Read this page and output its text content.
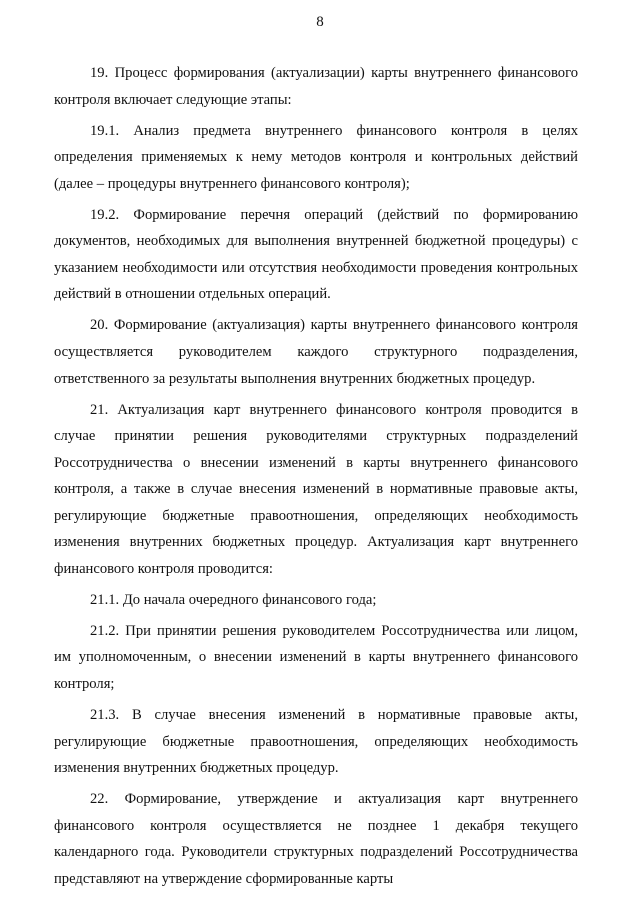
8

19. Процесс формирования (актуализации) карты внутреннего финансового контроля включает следующие этапы:

19.1. Анализ предмета внутреннего финансового контроля в целях определения применяемых к нему методов контроля и контрольных действий (далее – процедуры внутреннего финансового контроля);

19.2. Формирование перечня операций (действий по формированию документов, необходимых для выполнения внутренней бюджетной процедуры) с указанием необходимости или отсутствия необходимости проведения контрольных действий в отношении отдельных операций.

20. Формирование (актуализация) карты внутреннего финансового контроля осуществляется руководителем каждого структурного подразделения, ответственного за результаты выполнения внутренних бюджетных процедур.

21. Актуализация карт внутреннего финансового контроля проводится в случае принятии решения руководителями структурных подразделений Россотрудничества о внесении изменений в карты внутреннего финансового контроля, а также в случае внесения изменений в нормативные правовые акты, регулирующие бюджетные правоотношения, определяющих необходимость изменения внутренних бюджетных процедур. Актуализация карт внутреннего финансового контроля проводится:

21.1. До начала очередного финансового года;

21.2. При принятии решения руководителем Россотрудничества или лицом, им уполномоченным, о внесении изменений в карты внутреннего финансового контроля;

21.3. В случае внесения изменений в нормативные правовые акты, регулирующие бюджетные правоотношения, определяющих необходимость изменения внутренних бюджетных процедур.

22. Формирование, утверждение и актуализация карт внутреннего финансового контроля осуществляется не позднее 1 декабря текущего календарного года. Руководители структурных подразделений Россотрудничества представляют на утверждение сформированные карты
